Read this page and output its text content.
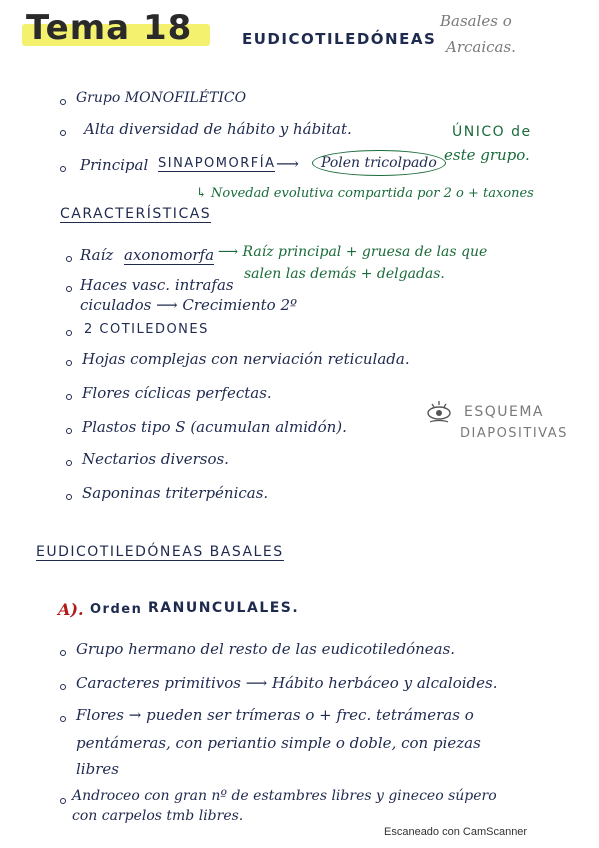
Tema 18	EUDICOTILEDÓNEAS
Basales o
Arcaicas.
Grupo MONOFILÉTICO
Alta diversidad de hábito y hábitat.
Principal SINAPOMORFÍA ⟶	Polen tricolpado
ÚNICO de
este grupo.
↳ Novedad evolutiva compartida por 2 o + taxones
CARACTERÍSTICAS
Raíz axonomorfa ⟶ Raíz principal + gruesa de las que
salen las demás + delgadas.
Haces vasc. intrafas
ciculados ⟶ Crecimiento 2º
2 COTILEDONES
Hojas complejas con nerviación reticulada.
Flores cíclicas perfectas.
Plastos tipo S (acumulan almidón).
Nectarios diversos.
Saponinas triterpénicas.
ESQUEMA
DIAPOSITIVAS
EUDICOTILEDÓNEAS BASALES
A). Orden RANUNCULALES.
Grupo hermano del resto de las eudicotiledóneas.
Caracteres primitivos ⟶ Hábito herbáceo y alcaloides.
Flores → pueden ser trímeras o + frec. tetrámeras o
pentámeras, con periantio simple o doble, con piezas
libres
Androceo con gran nº de estambres libres y gineceo súpero
con carpelos tmb libres.
Escaneado con CamScanner
